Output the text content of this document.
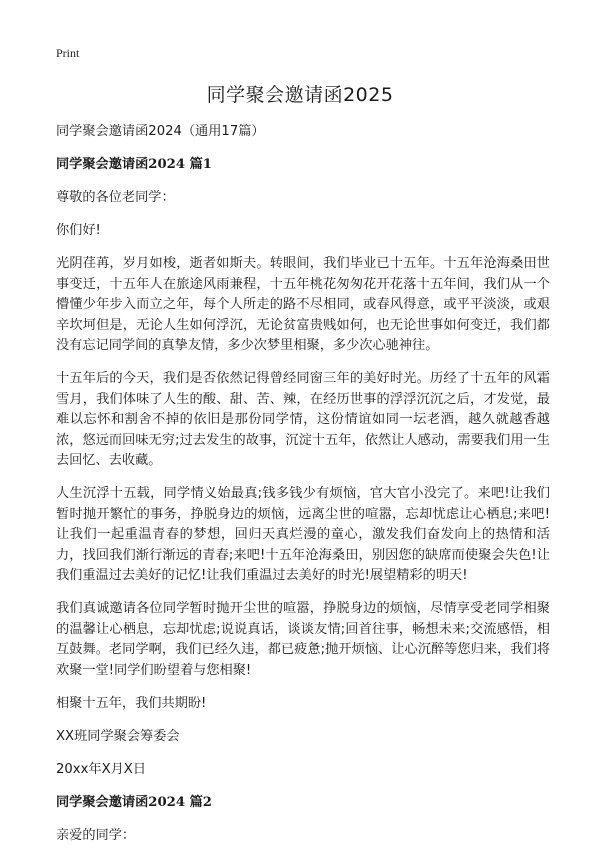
Print
同学聚会邀请函2025

同学聚会邀请函2024（通用17篇）

同学聚会邀请函2024 篇1

尊敬的各位老同学：

你们好!

光阴荏苒，岁月如梭，逝者如斯夫。转眼间，我们毕业已十五年。十五年沧海桑田世事变迁，十五年人在旅途风雨兼程，十五年桃花匆匆花开花落十五年间，我们从一个懵懂少年步入而立之年，每个人所走的路不尽相同，或春风得意，或平平淡淡，或艰辛坎坷但是，无论人生如何浮沉，无论贫富贵贱如何，也无论世事如何变迁，我们都没有忘记同学间的真挚友情，多少次梦里相聚，多少次心驰神往。

十五年后的今天，我们是否依然记得曾经同窗三年的美好时光。历经了十五年的风霜雪月，我们体味了人生的酸、甜、苦、辣，在经历世事的浮浮沉沉之后，才发觉，最难以忘怀和割舍不掉的依旧是那份同学情，这份情谊如同一坛老酒，越久就越香越浓，悠远而回味无穷;过去发生的故事，沉淀十五年，依然让人感动，需要我们用一生去回忆、去收藏。

人生沉浮十五载，同学情义始最真;钱多钱少有烦恼，官大官小没完了。来吧!让我们暂时抛开繁忙的事务，挣脱身边的烦恼，远离尘世的喧嚣，忘却忧虑让心栖息;来吧!让我们一起重温青春的梦想，回归天真烂漫的童心，激发我们奋发向上的热情和活力，找回我们渐行渐远的青春;来吧!十五年沧海桑田，别因您的缺席而使聚会失色!让我们重温过去美好的记忆!让我们重温过去美好的时光!展望精彩的明天!

我们真诚邀请各位同学暂时抛开尘世的喧嚣，挣脱身边的烦恼，尽情享受老同学相聚的温馨让心栖息，忘却忧虑;说说真话，谈谈友情;回首往事，畅想未来;交流感悟，相互鼓舞。老同学啊，我们已经久违，都已疲惫;抛开烦恼、让心沉醉等您归来，我们将欢聚一堂!同学们盼望着与您相聚!

相聚十五年，我们共期盼!

XX班同学聚会筹委会

20xx年X月X日

同学聚会邀请函2024 篇2

亲爱的同学：
